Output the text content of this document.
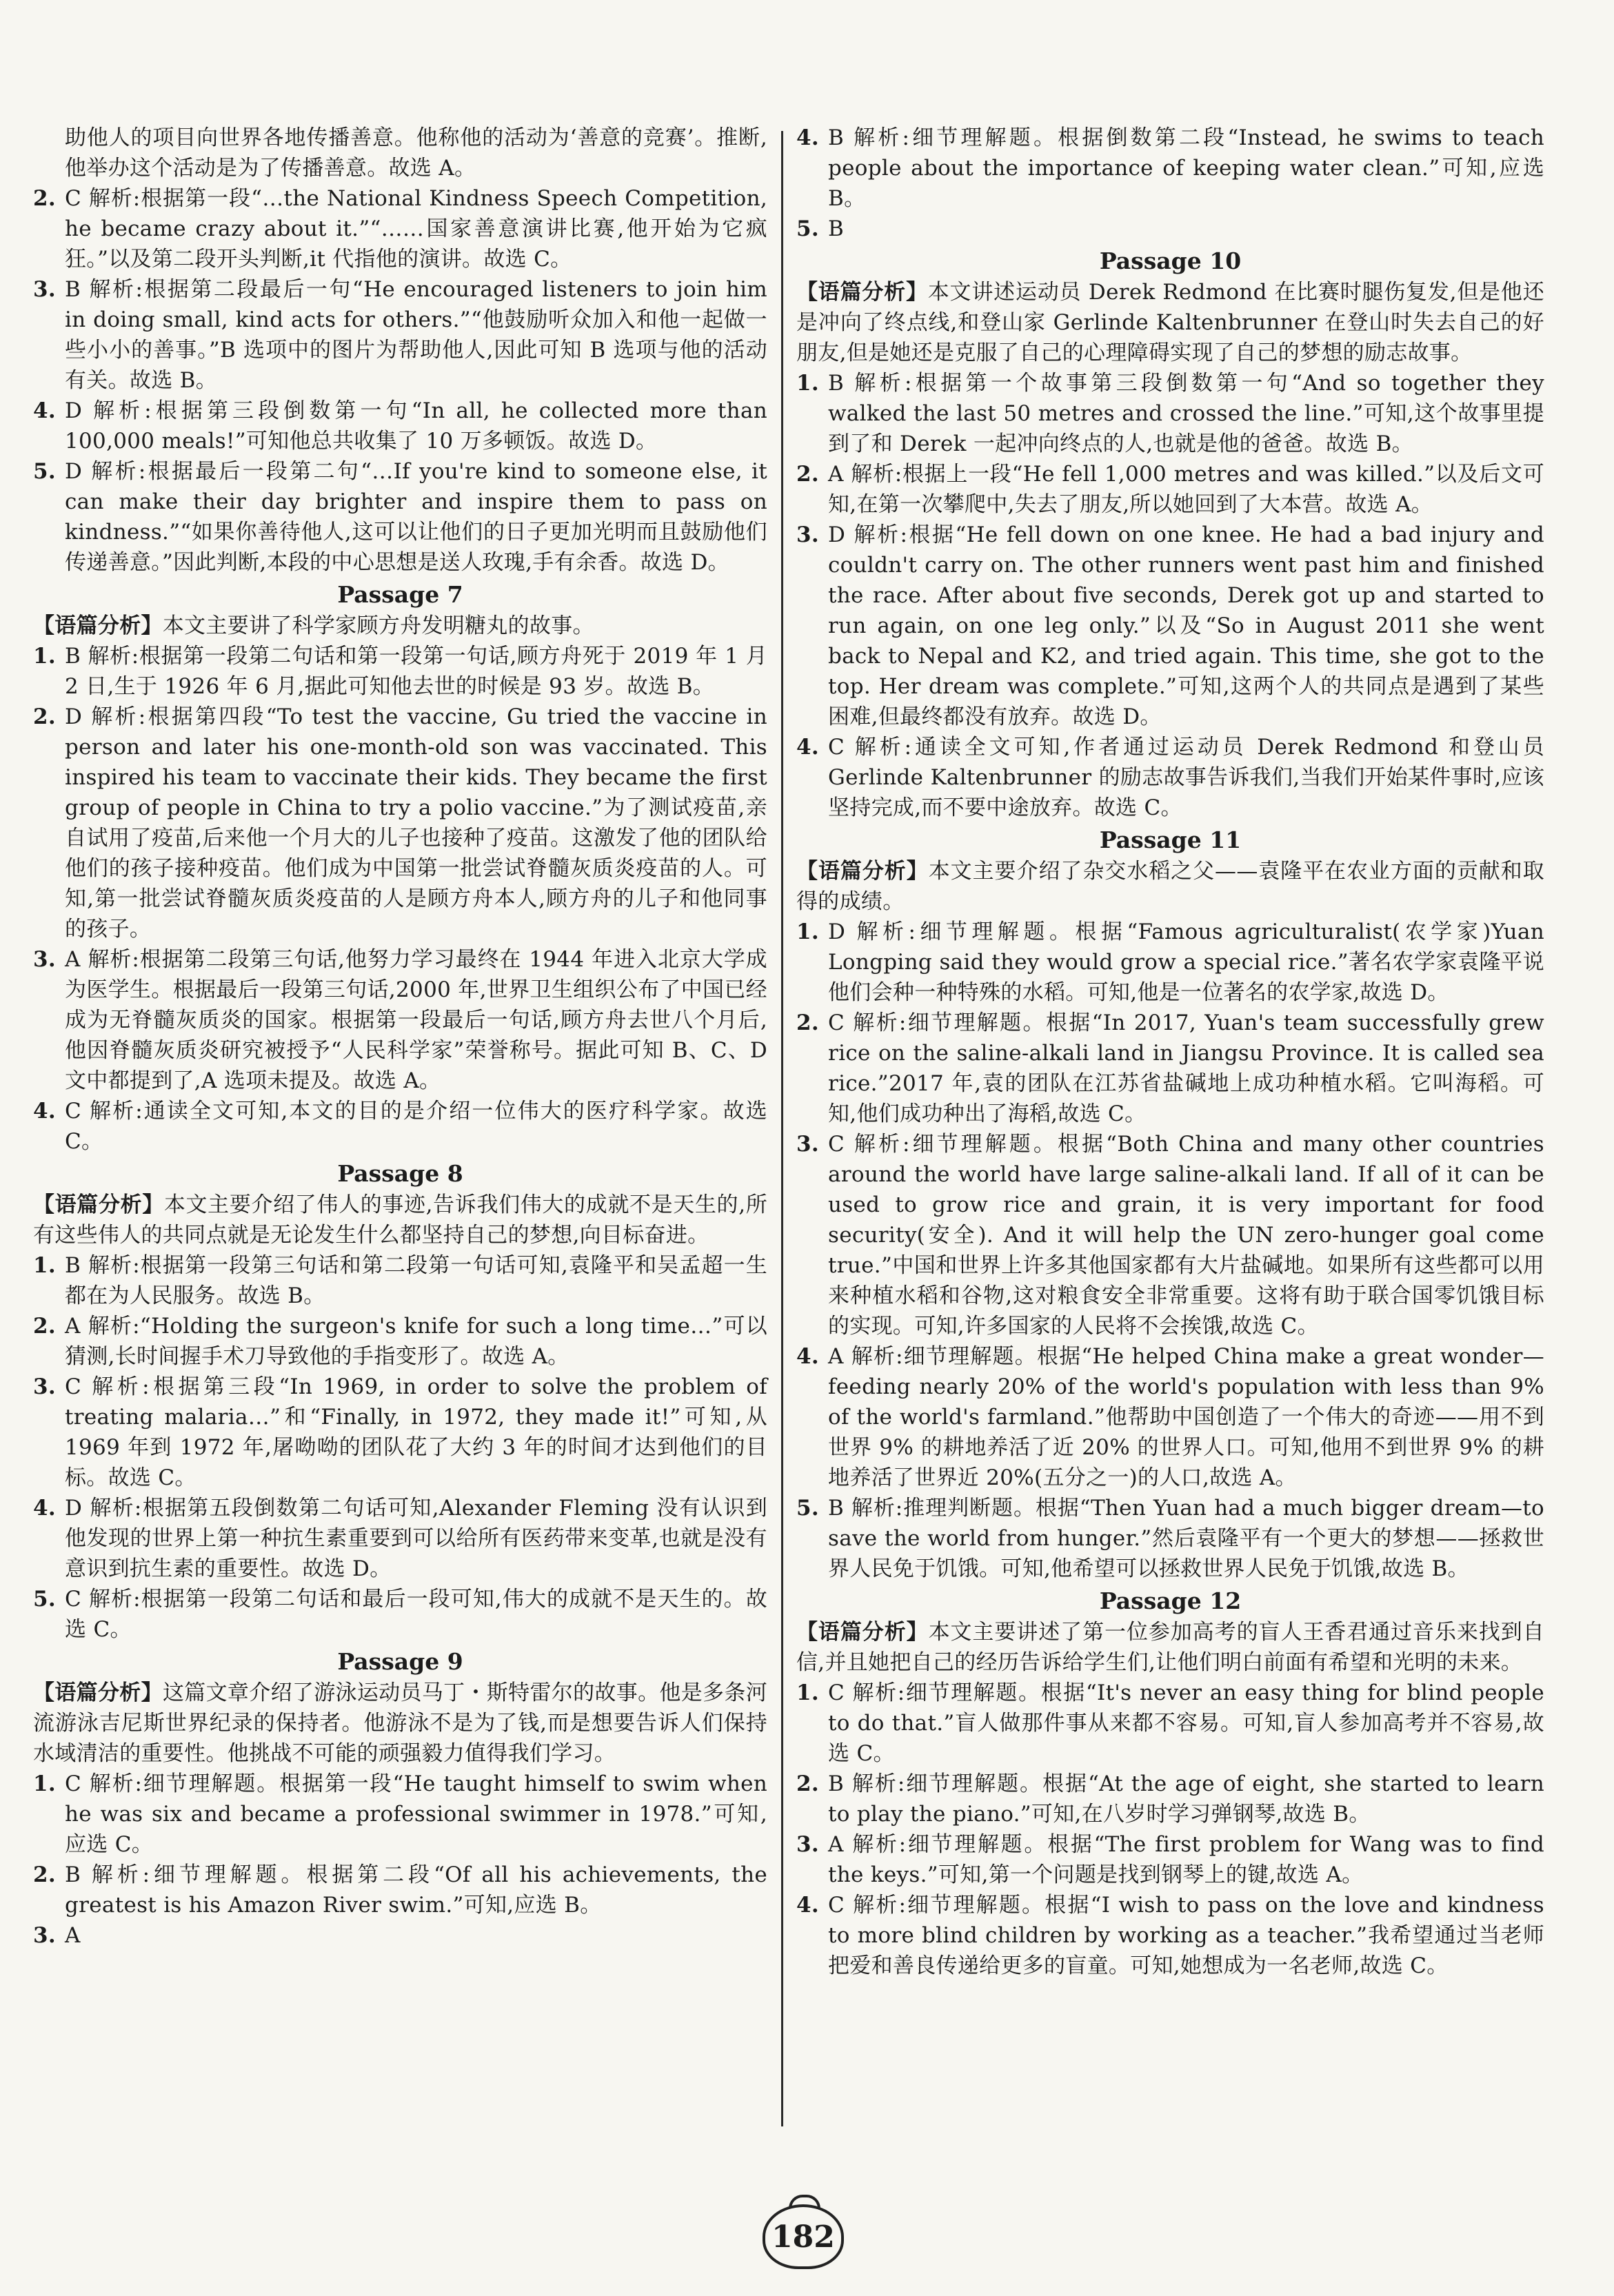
助他人的项目向世界各地传播善意。他称他的活动为‘善意的竞赛’。推断,他举办这个活动是为了传播善意。故选 A。

2. C 解析:根据第一段“…the National Kindness Speech Competition, he became crazy about it.”“……国家善意演讲比赛,他开始为它疯狂。”以及第二段开头判断,it 代指他的演讲。故选 C。

3. B 解析:根据第二段最后一句“He encouraged listeners to join him in doing small, kind acts for others.”“他鼓励听众加入和他一起做一些小小的善事。”B 选项中的图片为帮助他人,因此可知 B 选项与他的活动有关。故选 B。

4. D 解析:根据第三段倒数第一句“In all, he collected more than 100,000 meals!”可知他总共收集了 10 万多顿饭。故选 D。

5. D 解析:根据最后一段第二句“…If you're kind to someone else, it can make their day brighter and inspire them to pass on kindness.”“如果你善待他人,这可以让他们的日子更加光明而且鼓励他们传递善意。”因此判断,本段的中心思想是送人玫瑰,手有余香。故选 D。

Passage 7

【语篇分析】本文主要讲了科学家顾方舟发明糖丸的故事。

1. B 解析:根据第一段第二句话和第一段第一句话,顾方舟死于 2019 年 1 月 2 日,生于 1926 年 6 月,据此可知他去世的时候是 93 岁。故选 B。

2. D 解析:根据第四段“To test the vaccine, Gu tried the vaccine in person and later his one-month-old son was vaccinated. This inspired his team to vaccinate their kids. They became the first group of people in China to try a polio vaccine.”为了测试疫苗,亲自试用了疫苗,后来他一个月大的儿子也接种了疫苗。这激发了他的团队给他们的孩子接种疫苗。他们成为中国第一批尝试脊髓灰质炎疫苗的人。可知,第一批尝试脊髓灰质炎疫苗的人是顾方舟本人,顾方舟的儿子和他同事的孩子。

3. A 解析:根据第二段第三句话,他努力学习最终在 1944 年进入北京大学成为医学生。根据最后一段第三句话,2000 年,世界卫生组织公布了中国已经成为无脊髓灰质炎的国家。根据第一段最后一句话,顾方舟去世八个月后,他因脊髓灰质炎研究被授予“人民科学家”荣誉称号。据此可知 B、C、D 文中都提到了,A 选项未提及。故选 A。

4. C 解析:通读全文可知,本文的目的是介绍一位伟大的医疗科学家。故选 C。

Passage 8

【语篇分析】本文主要介绍了伟人的事迹,告诉我们伟大的成就不是天生的,所有这些伟人的共同点就是无论发生什么都坚持自己的梦想,向目标奋进。

1. B 解析:根据第一段第三句话和第二段第一句话可知,袁隆平和吴孟超一生都在为人民服务。故选 B。

2. A 解析:“Holding the surgeon's knife for such a long time…”可以猜测,长时间握手术刀导致他的手指变形了。故选 A。

3. C 解析:根据第三段“In 1969, in order to solve the problem of treating malaria…”和“Finally, in 1972, they made it!”可知,从 1969 年到 1972 年,屠呦呦的团队花了大约 3 年的时间才达到他们的目标。故选 C。

4. D 解析:根据第五段倒数第二句话可知,Alexander Fleming 没有认识到他发现的世界上第一种抗生素重要到可以给所有医药带来变革,也就是没有意识到抗生素的重要性。故选 D。

5. C 解析:根据第一段第二句话和最后一段可知,伟大的成就不是天生的。故选 C。

Passage 9

【语篇分析】这篇文章介绍了游泳运动员马丁・斯特雷尔的故事。他是多条河流游泳吉尼斯世界纪录的保持者。他游泳不是为了钱,而是想要告诉人们保持水域清洁的重要性。他挑战不可能的顽强毅力值得我们学习。

1. C 解析:细节理解题。根据第一段“He taught himself to swim when he was six and became a professional swimmer in 1978.”可知,应选 C。

2. B 解析:细节理解题。根据第二段“Of all his achievements, the greatest is his Amazon River swim.”可知,应选 B。

3. A

4. B 解析:细节理解题。根据倒数第二段“Instead, he swims to teach people about the importance of keeping water clean.”可知,应选 B。

5. B

Passage 10

【语篇分析】本文讲述运动员 Derek Redmond 在比赛时腿伤复发,但是他还是冲向了终点线,和登山家 Gerlinde Kaltenbrunner 在登山时失去自己的好朋友,但是她还是克服了自己的心理障碍实现了自己的梦想的励志故事。

1. B 解析:根据第一个故事第三段倒数第一句“And so together they walked the last 50 metres and crossed the line.”可知,这个故事里提到了和 Derek 一起冲向终点的人,也就是他的爸爸。故选 B。

2. A 解析:根据上一段“He fell 1,000 metres and was killed.”以及后文可知,在第一次攀爬中,失去了朋友,所以她回到了大本营。故选 A。

3. D 解析:根据“He fell down on one knee. He had a bad injury and couldn't carry on. The other runners went past him and finished the race. After about five seconds, Derek got up and started to run again, on one leg only.”以及“So in August 2011 she went back to Nepal and K2, and tried again. This time, she got to the top. Her dream was complete.”可知,这两个人的共同点是遇到了某些困难,但最终都没有放弃。故选 D。

4. C 解析:通读全文可知,作者通过运动员 Derek Redmond 和登山员 Gerlinde Kaltenbrunner 的励志故事告诉我们,当我们开始某件事时,应该坚持完成,而不要中途放弃。故选 C。

Passage 11

【语篇分析】本文主要介绍了杂交水稻之父——袁隆平在农业方面的贡献和取得的成绩。

1. D 解析:细节理解题。根据“Famous agriculturalist(农学家)Yuan Longping said they would grow a special rice.”著名农学家袁隆平说他们会种一种特殊的水稻。可知,他是一位著名的农学家,故选 D。

2. C 解析:细节理解题。根据“In 2017, Yuan's team successfully grew rice on the saline-alkali land in Jiangsu Province. It is called sea rice.”2017 年,袁的团队在江苏省盐碱地上成功种植水稻。它叫海稻。可知,他们成功种出了海稻,故选 C。

3. C 解析:细节理解题。根据“Both China and many other countries around the world have large saline-alkali land. If all of it can be used to grow rice and grain, it is very important for food security(安全). And it will help the UN zero-hunger goal come true.”中国和世界上许多其他国家都有大片盐碱地。如果所有这些都可以用来种植水稻和谷物,这对粮食安全非常重要。这将有助于联合国零饥饿目标的实现。可知,许多国家的人民将不会挨饿,故选 C。

4. A 解析:细节理解题。根据“He helped China make a great wonder—feeding nearly 20% of the world's population with less than 9% of the world's farmland.”他帮助中国创造了一个伟大的奇迹——用不到世界 9% 的耕地养活了近 20% 的世界人口。可知,他用不到世界 9% 的耕地养活了世界近 20%(五分之一)的人口,故选 A。

5. B 解析:推理判断题。根据“Then Yuan had a much bigger dream—to save the world from hunger.”然后袁隆平有一个更大的梦想——拯救世界人民免于饥饿。可知,他希望可以拯救世界人民免于饥饿,故选 B。

Passage 12

【语篇分析】本文主要讲述了第一位参加高考的盲人王香君通过音乐来找到自信,并且她把自己的经历告诉给学生们,让他们明白前面有希望和光明的未来。

1. C 解析:细节理解题。根据“It's never an easy thing for blind people to do that.”盲人做那件事从来都不容易。可知,盲人参加高考并不容易,故选 C。

2. B 解析:细节理解题。根据“At the age of eight, she started to learn to play the piano.”可知,在八岁时学习弹钢琴,故选 B。

3. A 解析:细节理解题。根据“The first problem for Wang was to find the keys.”可知,第一个问题是找到钢琴上的键,故选 A。

4. C 解析:细节理解题。根据“I wish to pass on the love and kindness to more blind children by working as a teacher.”我希望通过当老师把爱和善良传递给更多的盲童。可知,她想成为一名老师,故选 C。

182
